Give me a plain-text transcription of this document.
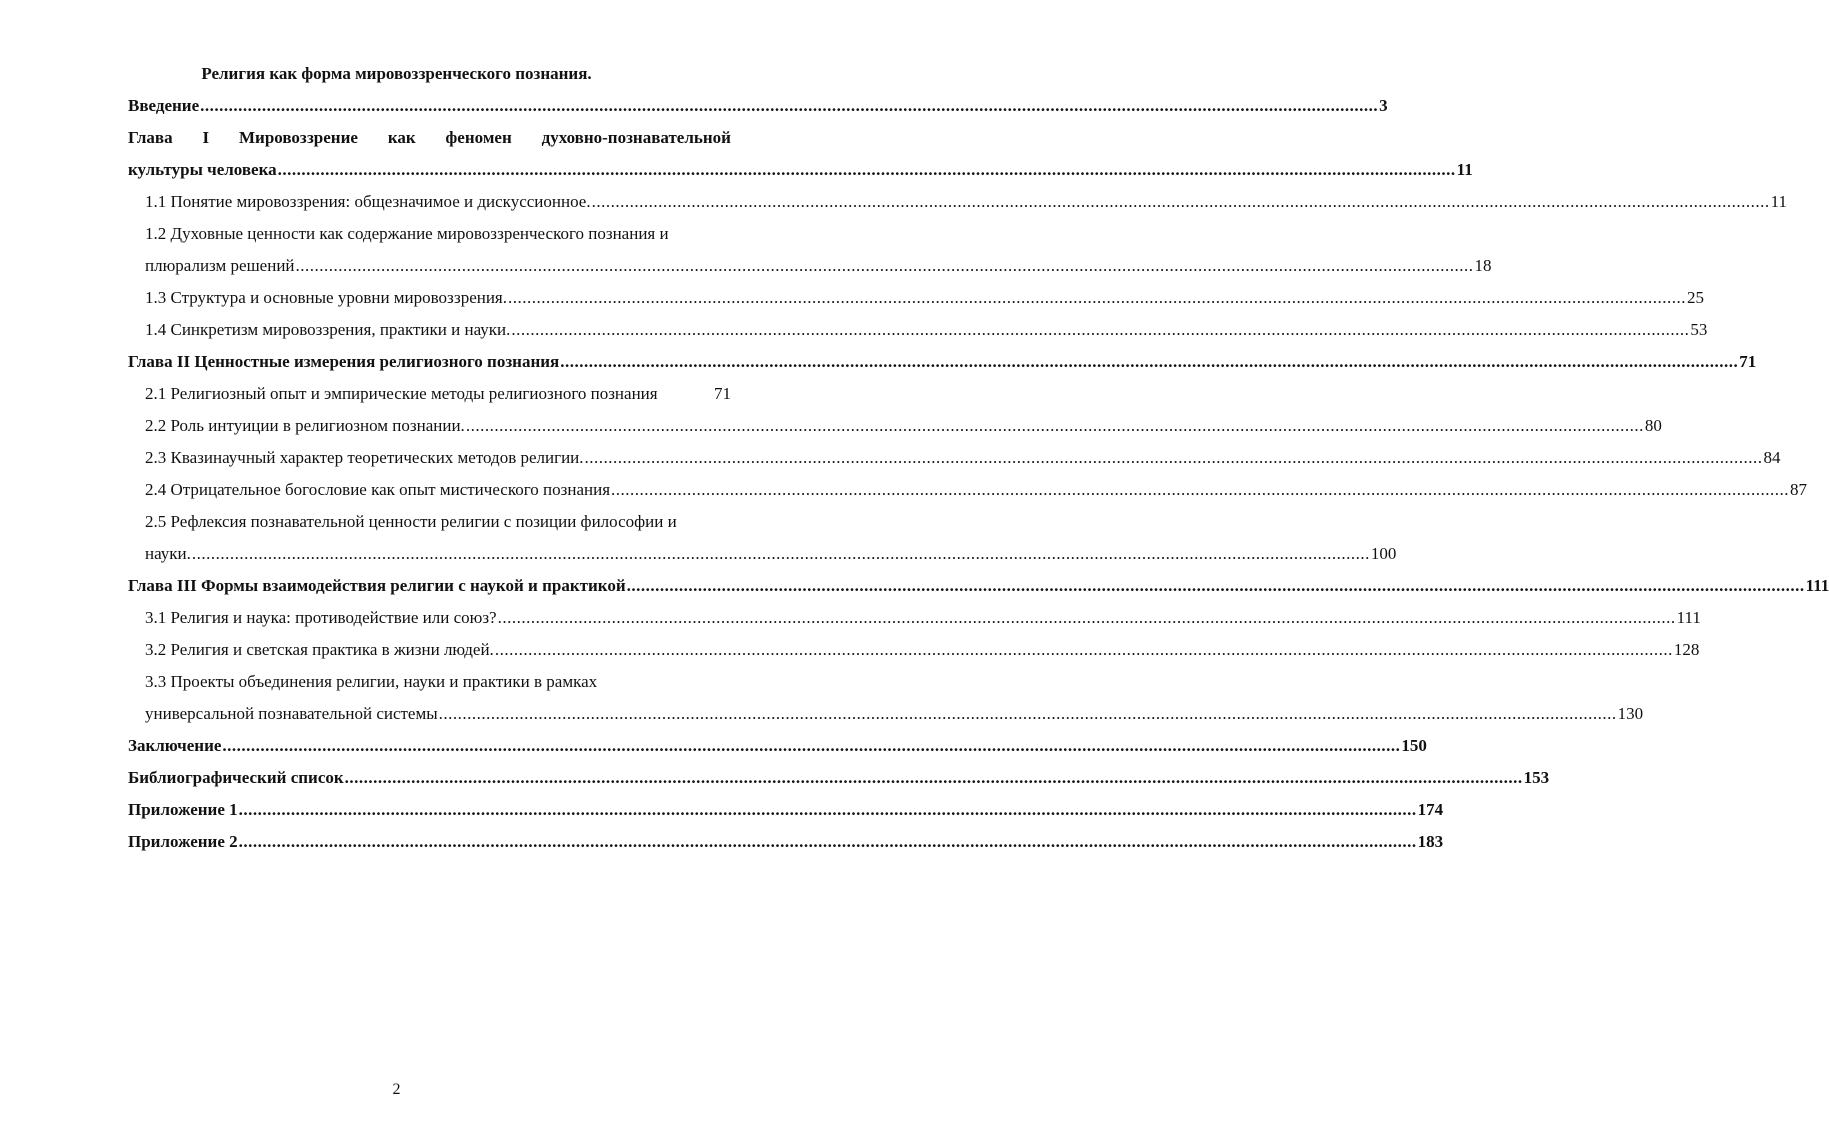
Религия как форма мировоззренческого познания.
Введение ........................................................................................................................................................................................................................................................ 3
Глава I Мировоззрение как феномен духовно-познавательной
культуры человека ........................................................................................................................................................................................................................................................ 11
1.1 Понятие мировоззрения: общезначимое и дискуссионное. ........................................................................................................................................................................................................................................................ 11
1.2 Духовные ценности как содержание мировоззренческого познания и
плюрализм решений ........................................................................................................................................................................................................................................................ 18
1.3 Структура и основные уровни мировоззрения. ........................................................................................................................................................................................................................................................ 25
1.4 Синкретизм мировоззрения, практики и науки. ........................................................................................................................................................................................................................................................ 53
Глава II Ценностные измерения религиозного познания ........................................................................................................................................................................................................................................................ 71
2.1 Религиозный опыт и эмпирические методы религиозного познания	71
2.2 Роль интуиции в религиозном познании. ........................................................................................................................................................................................................................................................ 80
2.3 Квазинаучный характер теоретических методов религии. ........................................................................................................................................................................................................................................................ 84
2.4 Отрицательное богословие как опыт мистического познания ........................................................................................................................................................................................................................................................ 87
2.5 Рефлексия познавательной ценности религии с позиции философии и
науки. ........................................................................................................................................................................................................................................................ 100
Глава III Формы взаимодействия религии с наукой и практикой ........................................................................................................................................................................................................................................................ 111
3.1 Религия и наука: противодействие или союз? ........................................................................................................................................................................................................................................................ 111
3.2 Религия и светская практика в жизни людей. ........................................................................................................................................................................................................................................................ 128
3.3 Проекты объединения религии, науки и практики в рамках
универсальной познавательной системы ........................................................................................................................................................................................................................................................ 130
Заключение ........................................................................................................................................................................................................................................................ 150
Библиографический список ........................................................................................................................................................................................................................................................ 153
Приложение 1 ........................................................................................................................................................................................................................................................ 174
Приложение 2 ........................................................................................................................................................................................................................................................ 183
2
